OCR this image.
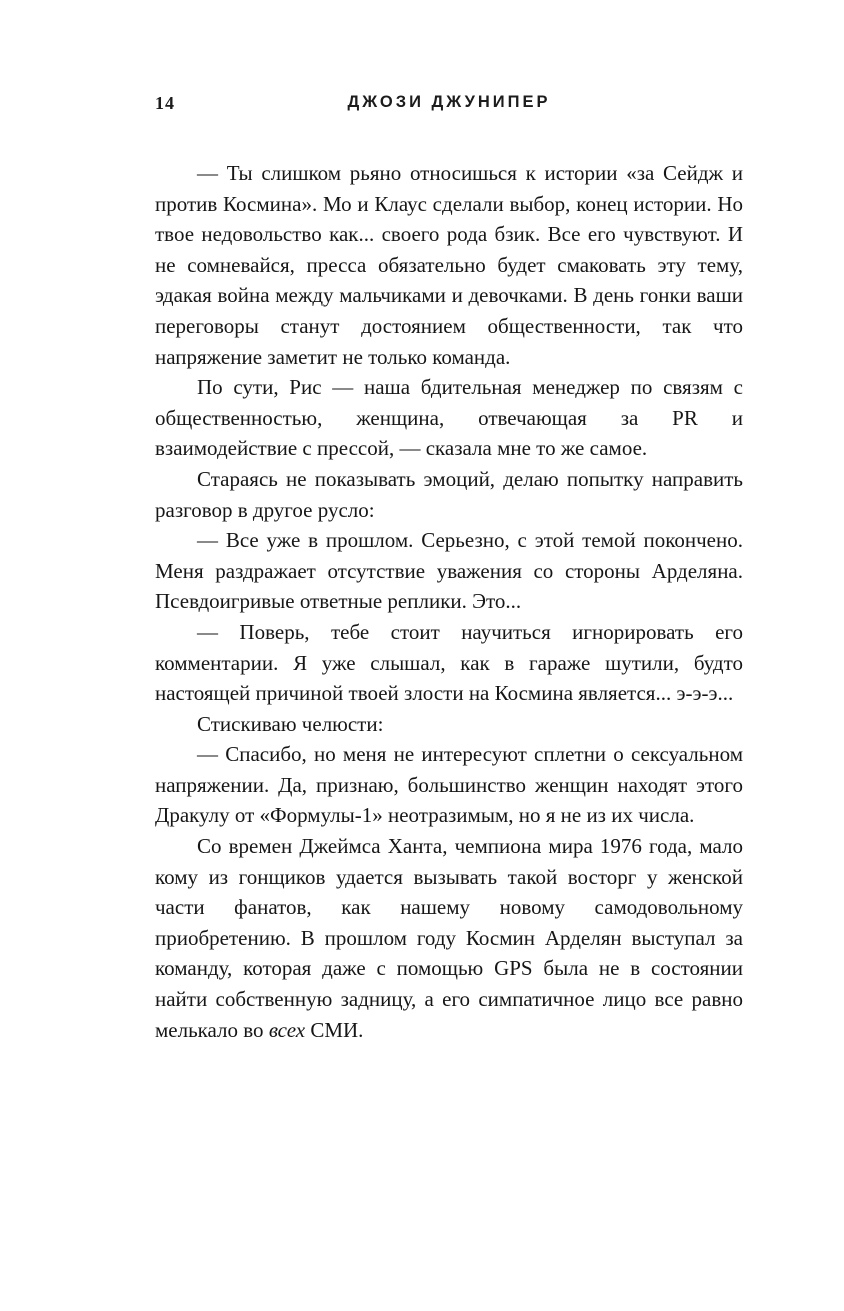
14	ДЖОЗИ ДЖУНИПЕР

— Ты слишком рьяно относишься к истории «за Сейдж и против Космина». Мо и Клаус сделали выбор, конец истории. Но твое недовольство как... своего рода бзик. Все его чувствуют. И не сомневайся, пресса обязательно будет смаковать эту тему, эдакая война между мальчиками и девочками. В день гонки ваши переговоры станут достоянием общественности, так что напряжение заметит не только команда.

По сути, Рис — наша бдительная менеджер по связям с общественностью, женщина, отвечающая за PR и взаимодействие с прессой, — сказала мне то же самое.

Стараясь не показывать эмоций, делаю попытку направить разговор в другое русло:

— Все уже в прошлом. Серьезно, с этой темой покончено. Меня раздражает отсутствие уважения со стороны Арделяна. Псевдоигривые ответные реплики. Это...

— Поверь, тебе стоит научиться игнорировать его комментарии. Я уже слышал, как в гараже шутили, будто настоящей причиной твоей злости на Космина является... э-э-э...

Стискиваю челюсти:

— Спасибо, но меня не интересуют сплетни о сексуальном напряжении. Да, признаю, большинство женщин находят этого Дракулу от «Формулы-1» неотразимым, но я не из их числа.

Со времен Джеймса Ханта, чемпиона мира 1976 года, мало кому из гонщиков удается вызывать такой восторг у женской части фанатов, как нашему новому самодовольному приобретению. В прошлом году Космин Арделян выступал за команду, которая даже с помощью GPS была не в состоянии найти собственную задницу, а его симпатичное лицо все равно мелькало во всех СМИ.
